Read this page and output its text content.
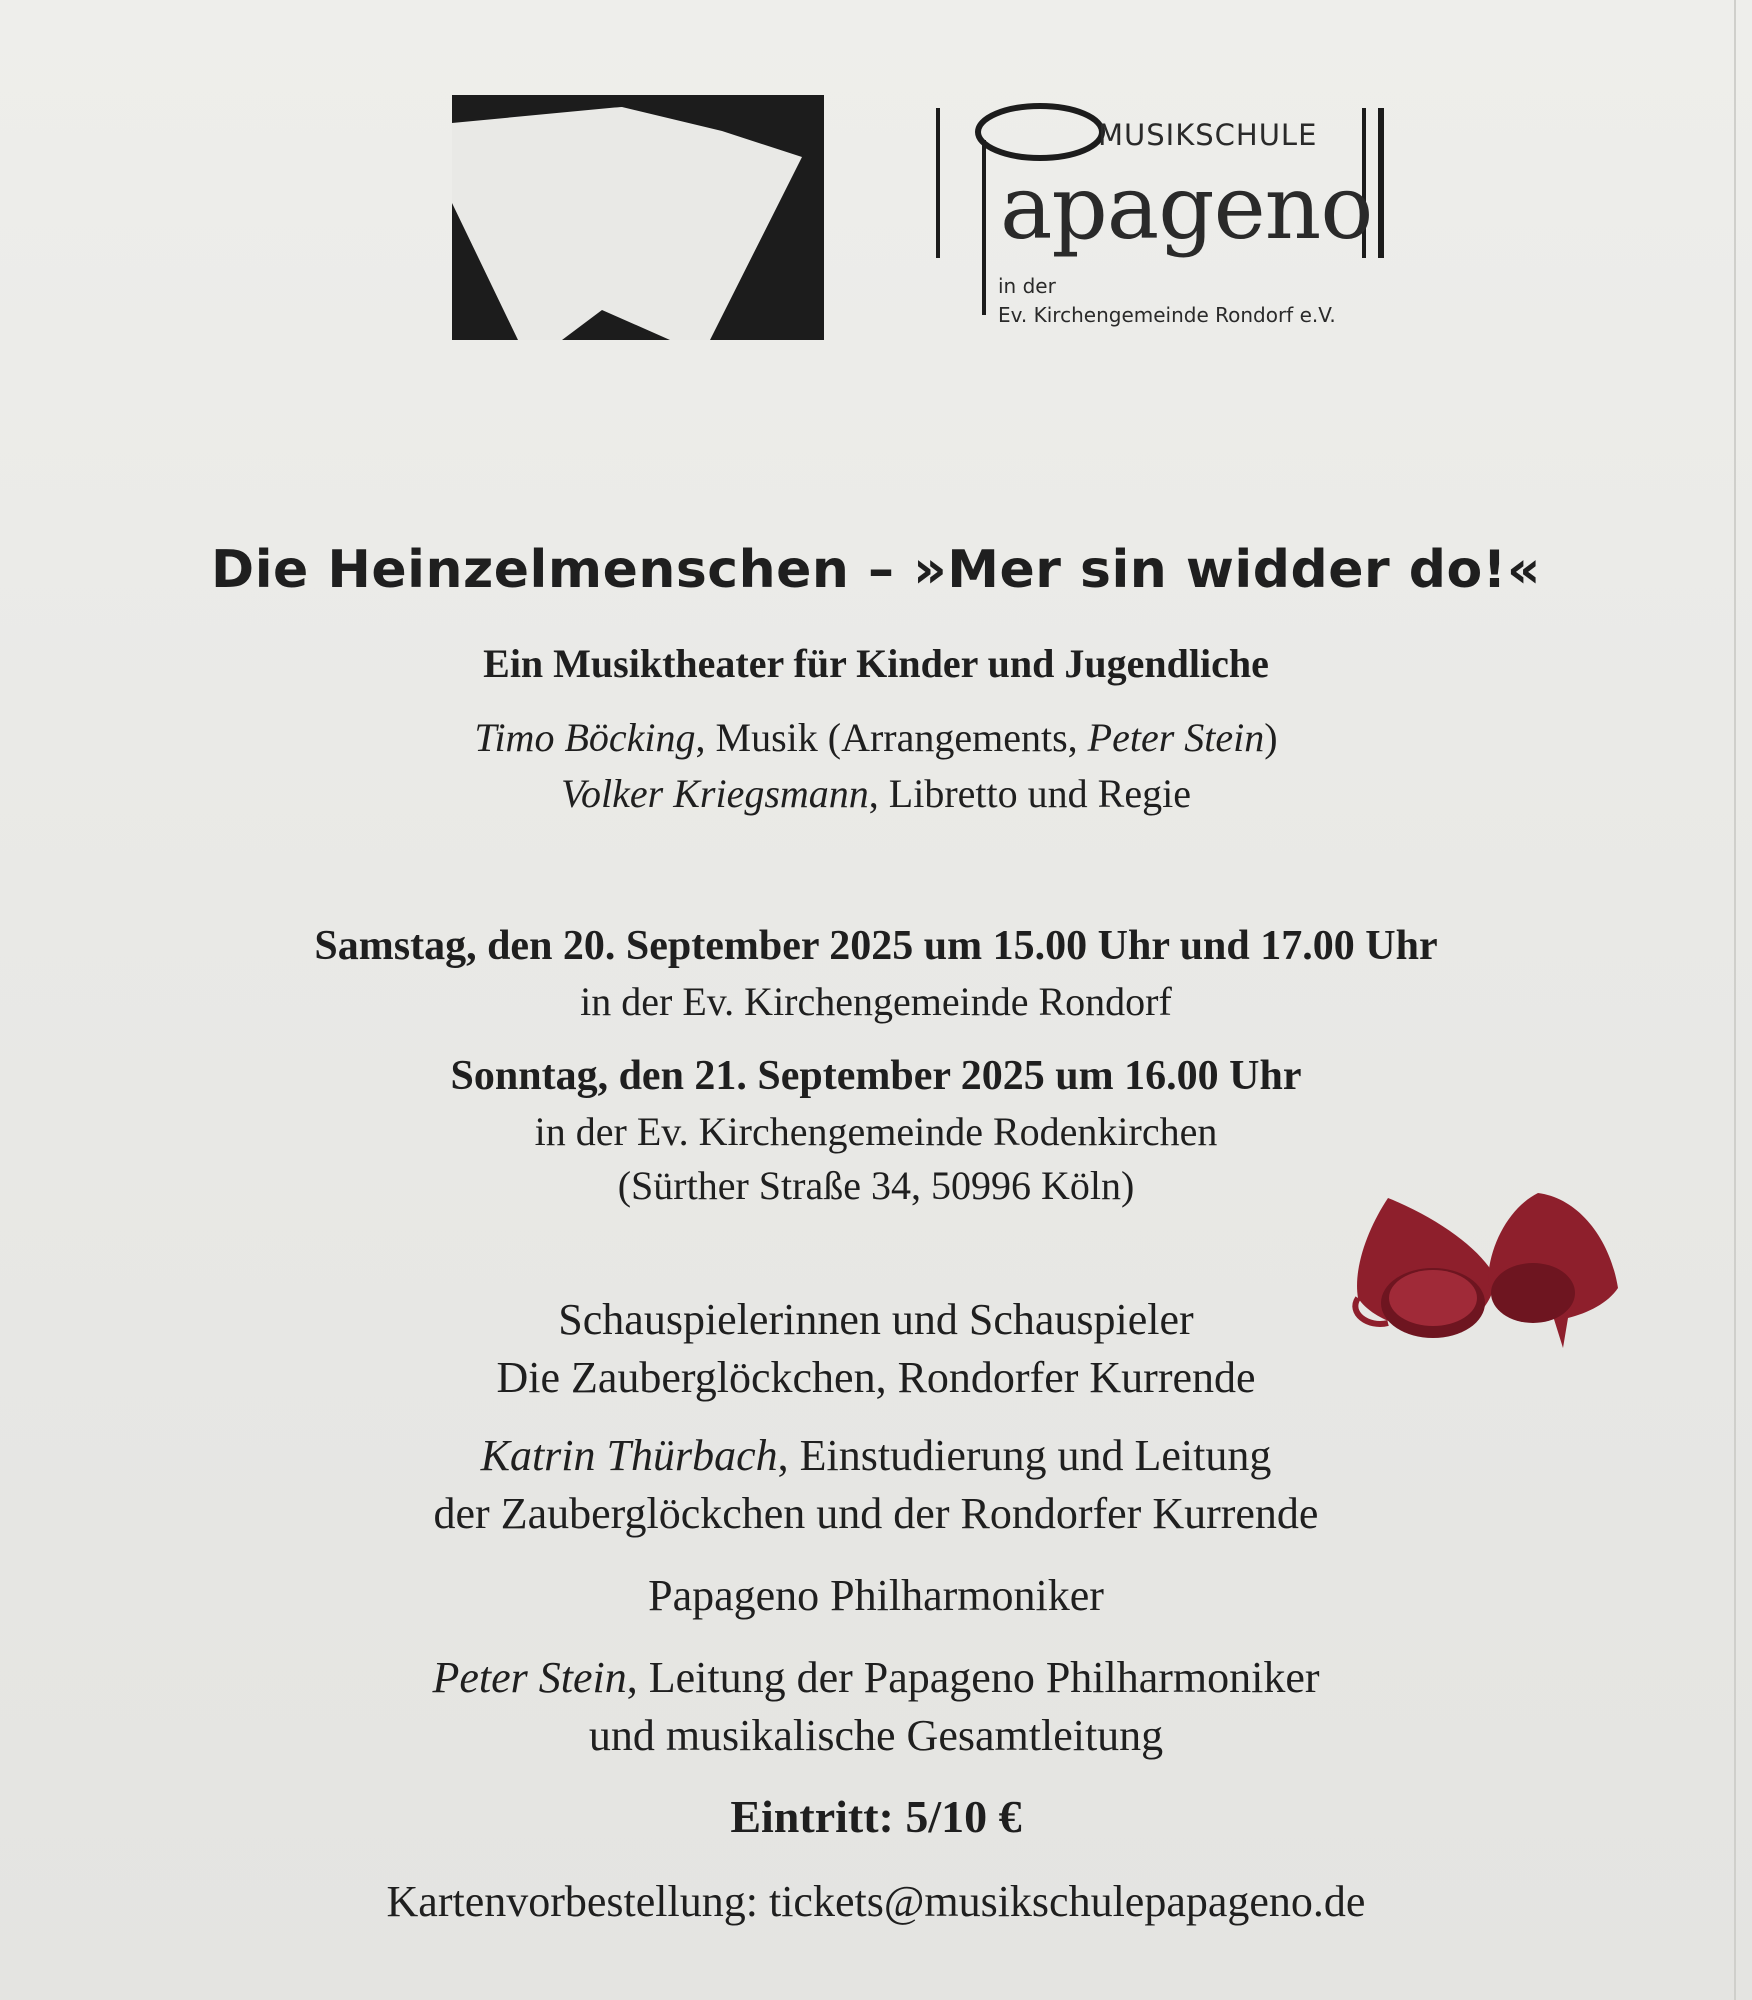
MUSIKSCHULE
apageno
in der
Ev. Kirchengemeinde Rondorf e.V.
Die Heinzelmenschen – »Mer sin widder do!«
Ein Musiktheater für Kinder und Jugendliche
Timo Böcking, Musik (Arrangements, Peter Stein)
Volker Kriegsmann, Libretto und Regie
Samstag, den 20. September 2025 um 15.00 Uhr und 17.00 Uhr
in der Ev. Kirchengemeinde Rondorf
Sonntag, den 21. September 2025 um 16.00 Uhr
in der Ev. Kirchengemeinde Rodenkirchen
(Sürther Straße 34, 50996 Köln)
Schauspielerinnen und Schauspieler
Die Zauberglöckchen, Rondorfer Kurrende
Katrin Thürbach, Einstudierung und Leitung
der Zauberglöckchen und der Rondorfer Kurrende
Papageno Philharmoniker
Peter Stein, Leitung der Papageno Philharmoniker
und musikalische Gesamtleitung
Eintritt: 5/10 €
Kartenvorbestellung: tickets@musikschulepapageno.de
